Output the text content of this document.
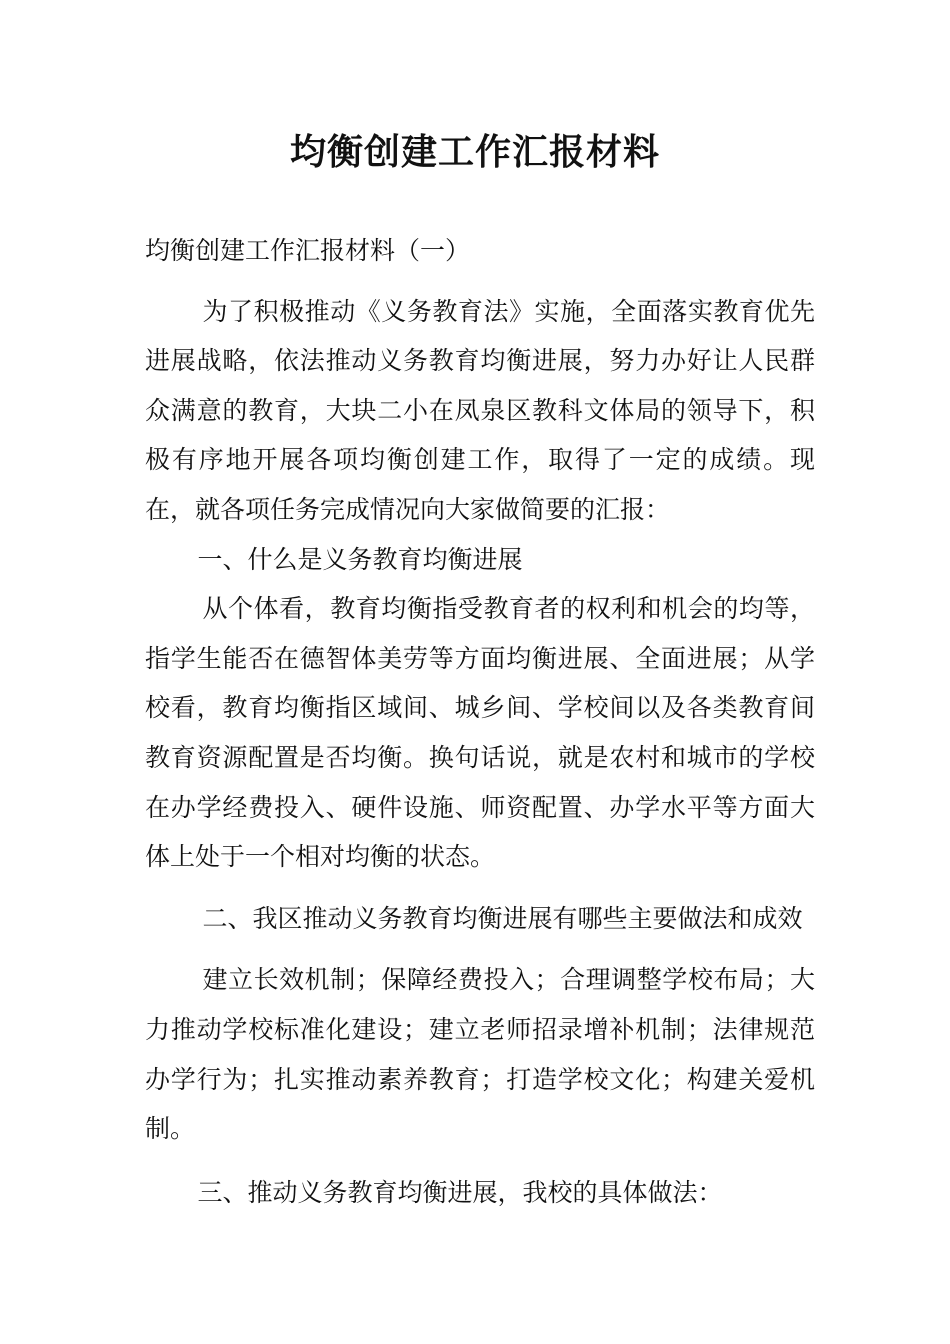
均衡创建工作汇报材料

均衡创建工作汇报材料（一）

为了积极推动《义务教育法》实施，全面落实教育优先进展战略，依法推动义务教育均衡进展，努力办好让人民群众满意的教育，大块二小在凤泉区教科文体局的领导下，积极有序地开展各项均衡创建工作，取得了一定的成绩。现在，就各项任务完成情况向大家做简要的汇报：

一、什么是义务教育均衡进展

从个体看，教育均衡指受教育者的权利和机会的均等，指学生能否在德智体美劳等方面均衡进展、全面进展；从学校看，教育均衡指区域间、城乡间、学校间以及各类教育间教育资源配置是否均衡。换句话说，就是农村和城市的学校在办学经费投入、硬件设施、师资配置、办学水平等方面大体上处于一个相对均衡的状态。

二、我区推动义务教育均衡进展有哪些主要做法和成效

建立长效机制；保障经费投入；合理调整学校布局；大力推动学校标准化建设；建立老师招录增补机制；法律规范办学行为；扎实推动素养教育；打造学校文化；构建关爱机制。

三、推动义务教育均衡进展，我校的具体做法：
